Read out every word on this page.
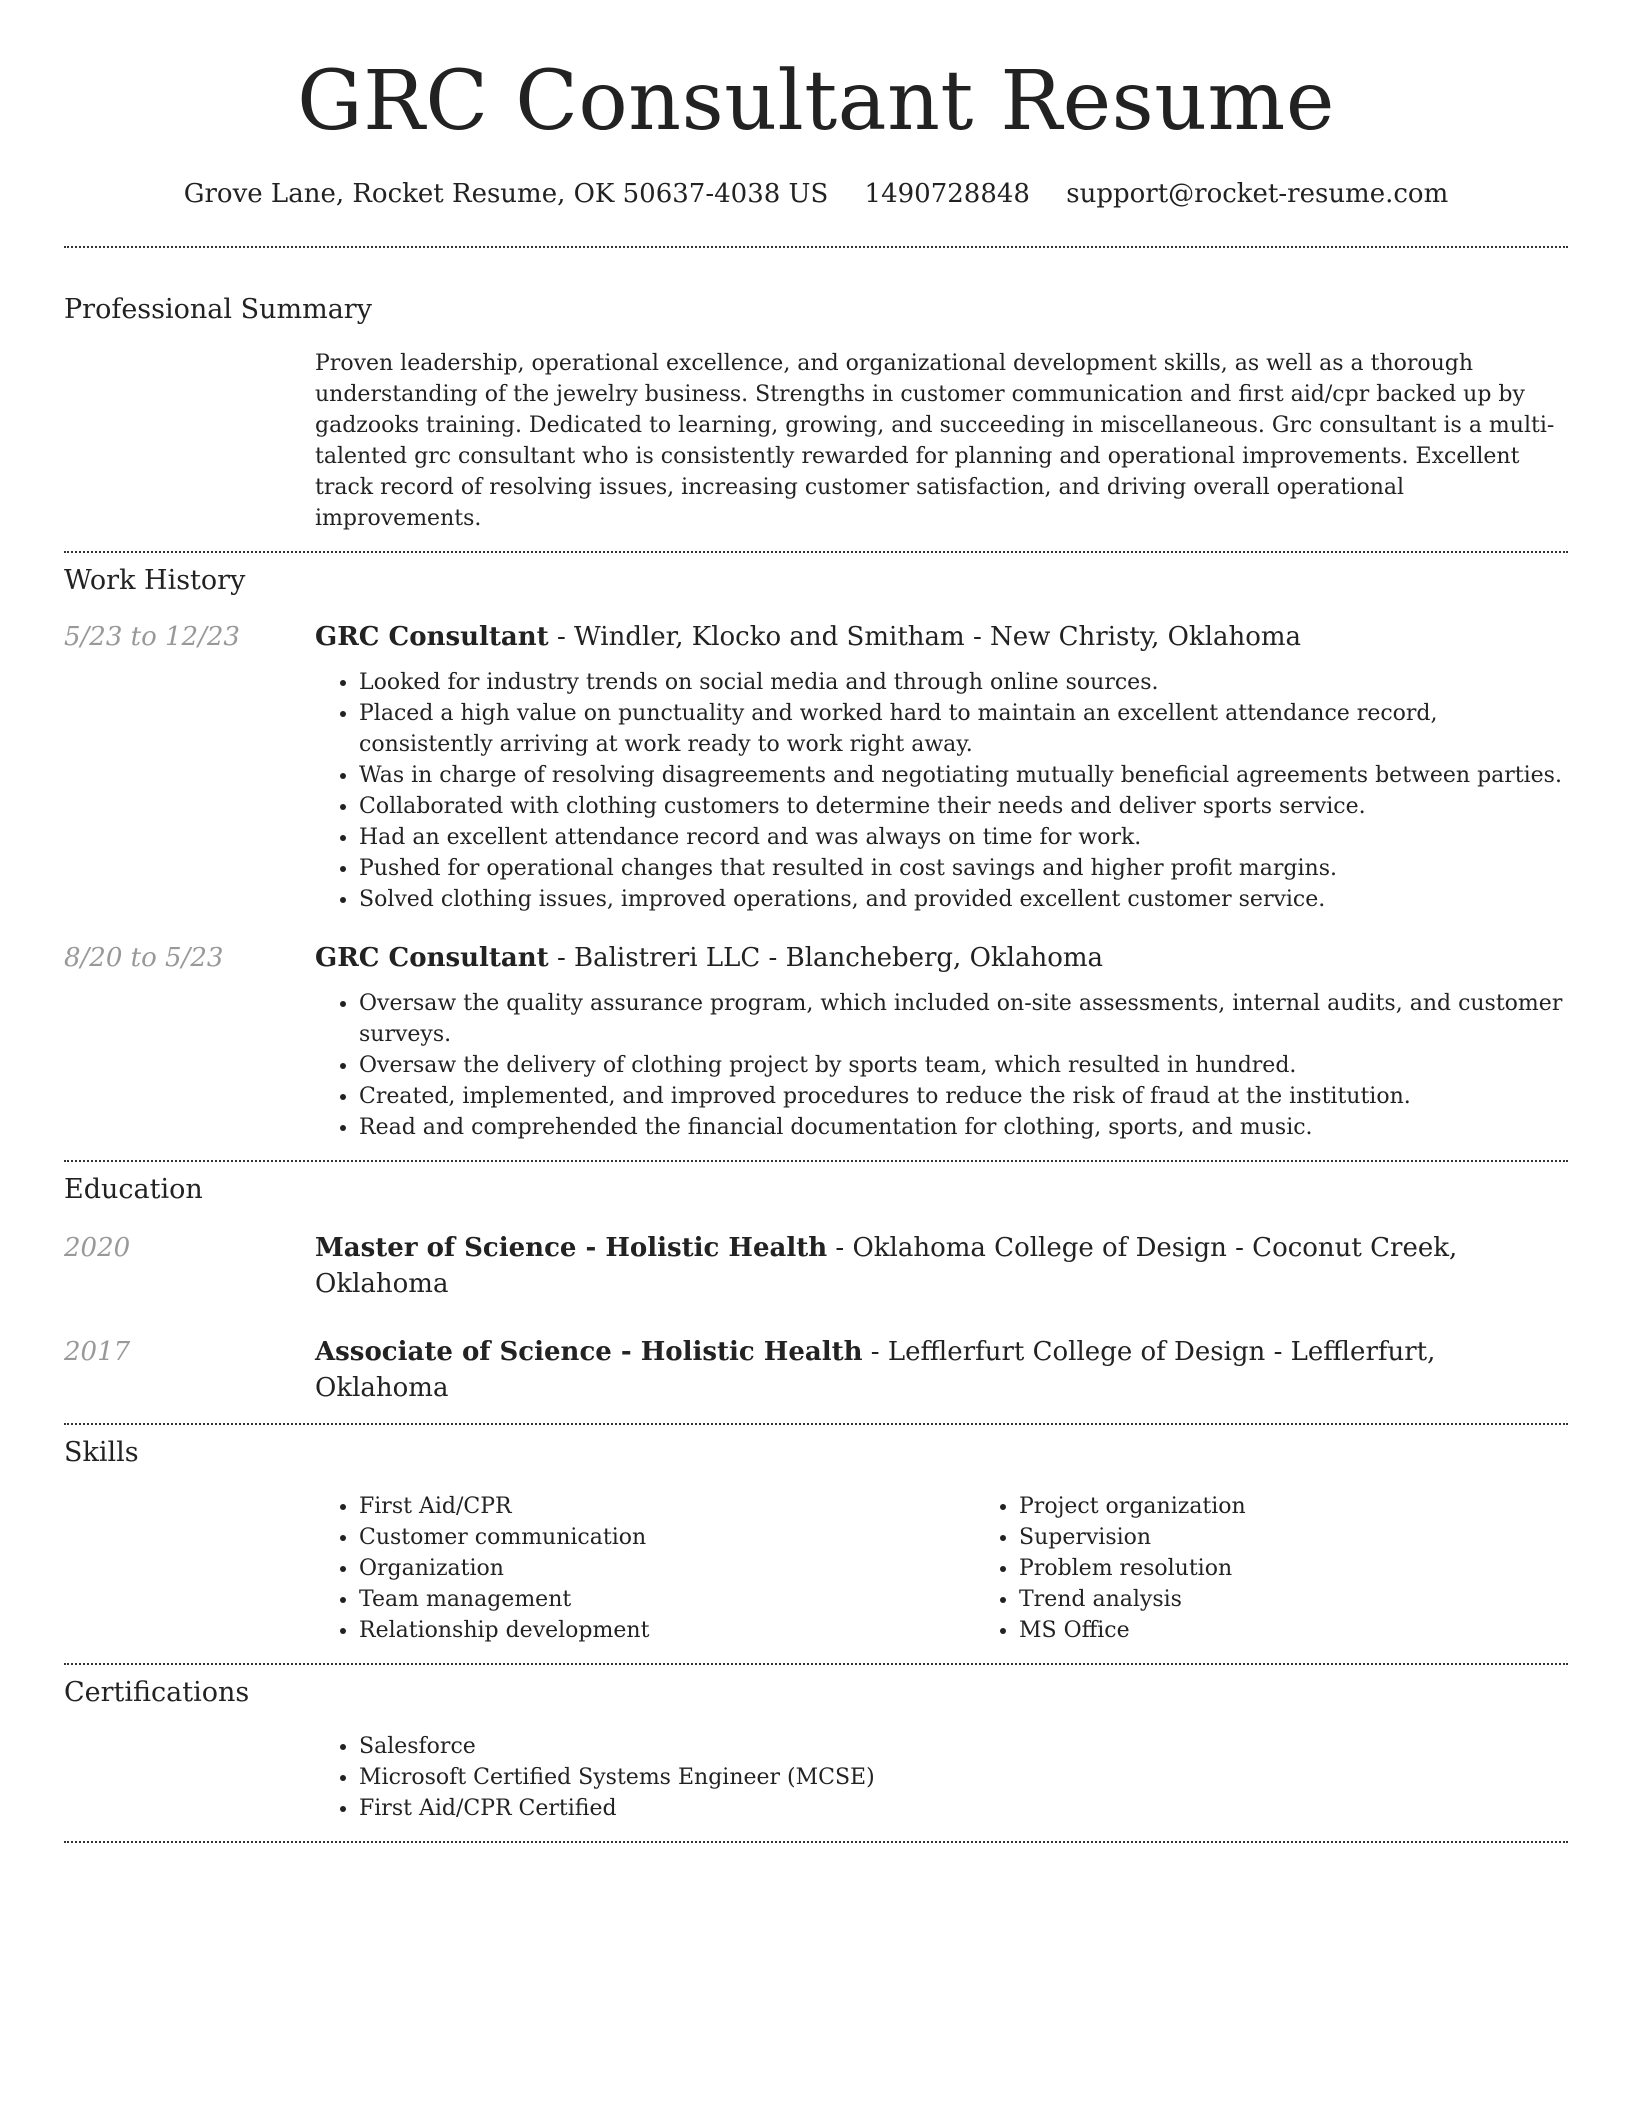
GRC Consultant Resume
Grove Lane, Rocket Resume, OK 50637-4038 US 1490728848 support@rocket-resume.com
Professional Summary
Proven leadership, operational excellence, and organizational development skills, as well as a thorough understanding of the jewelry business. Strengths in customer communication and first aid/cpr backed up by gadzooks training. Dedicated to learning, growing, and succeeding in miscellaneous. Grc consultant is a multi-talented grc consultant who is consistently rewarded for planning and operational improvements. Excellent track record of resolving issues, increasing customer satisfaction, and driving overall operational improvements.
Work History
5/23 to 12/23	GRC Consultant - Windler, Klocko and Smitham - New Christy, Oklahoma
• Looked for industry trends on social media and through online sources.
• Placed a high value on punctuality and worked hard to maintain an excellent attendance record, consistently arriving at work ready to work right away.
• Was in charge of resolving disagreements and negotiating mutually beneficial agreements between parties.
• Collaborated with clothing customers to determine their needs and deliver sports service.
• Had an excellent attendance record and was always on time for work.
• Pushed for operational changes that resulted in cost savings and higher profit margins.
• Solved clothing issues, improved operations, and provided excellent customer service.
8/20 to 5/23	GRC Consultant - Balistreri LLC - Blancheberg, Oklahoma
• Oversaw the quality assurance program, which included on-site assessments, internal audits, and customer surveys.
• Oversaw the delivery of clothing project by sports team, which resulted in hundred.
• Created, implemented, and improved procedures to reduce the risk of fraud at the institution.
• Read and comprehended the financial documentation for clothing, sports, and music.
Education
2020	Master of Science - Holistic Health - Oklahoma College of Design - Coconut Creek, Oklahoma
2017	Associate of Science - Holistic Health - Lefflerfurt College of Design - Lefflerfurt, Oklahoma
Skills
• First Aid/CPR
• Customer communication
• Organization
• Team management
• Relationship development
• Project organization
• Supervision
• Problem resolution
• Trend analysis
• MS Office
Certifications
• Salesforce
• Microsoft Certified Systems Engineer (MCSE)
• First Aid/CPR Certified
